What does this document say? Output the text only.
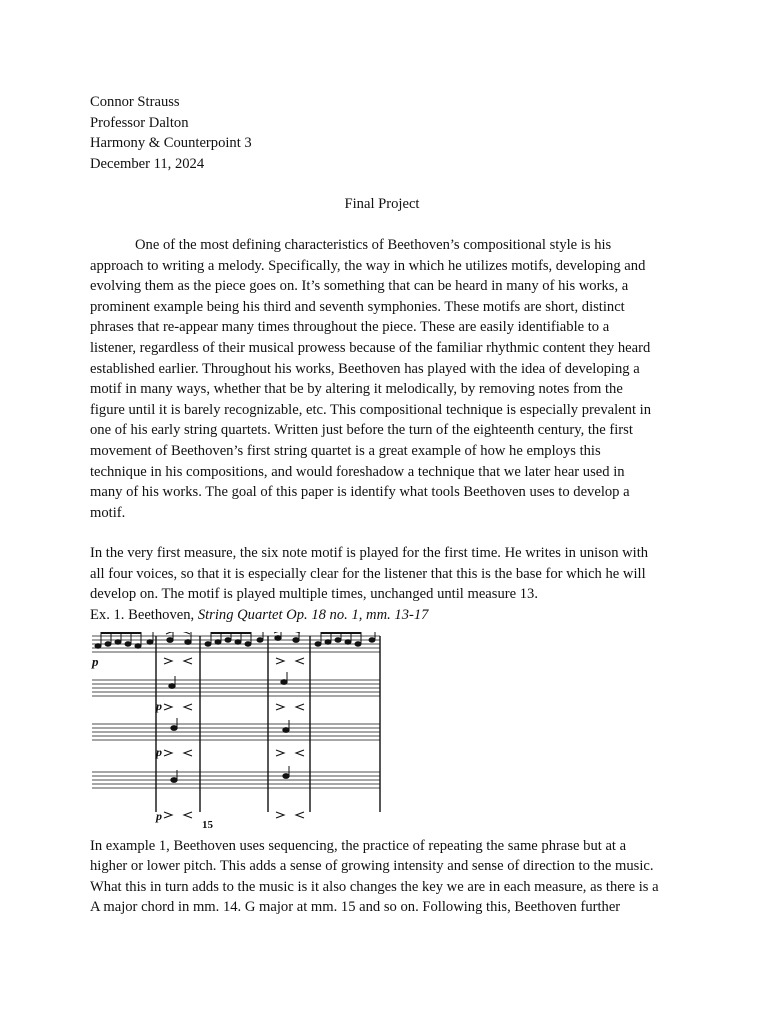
Connor Strauss
Professor Dalton
Harmony & Counterpoint 3
December 11, 2024
Final Project
One of the most defining characteristics of Beethoven’s compositional style is his
approach to writing a melody. Specifically, the way in which he utilizes motifs, developing and
evolving them as the piece goes on. It’s something that can be heard in many of his works, a
prominent example being his third and seventh symphonies. These motifs are short, distinct
phrases that re-appear many times throughout the piece. These are easily identifiable to a
listener, regardless of their musical prowess because of the familiar rhythmic content they heard
established earlier. Throughout his works, Beethoven has played with the idea of developing a
motif in many ways, whether that be by altering it melodically, by removing notes from the
figure until it is barely recognizable, etc. This compositional technique is especially prevalent in
one of his early string quartets. Written just before the turn of the eighteenth century, the first
movement of Beethoven’s first string quartet is a great example of how he employs this
technique in his compositions, and would foreshadow a technique that we later hear used in
many of his works. The goal of this paper is identify what tools Beethoven uses to develop a
motif.
In the very first measure, the six note motif is played for the first time. He writes in unison with
all four voices, so that it is especially clear for the listener that this is the base for which he will
develop on. The motif is played multiple times, unchanged until measure 13.
Ex. 1. Beethoven, String Quartet Op. 18 no. 1, mm. 13-17
p
p
p
p
15
In example 1, Beethoven uses sequencing, the practice of repeating the same phrase but at a
higher or lower pitch. This adds a sense of growing intensity and sense of direction to the music.
What this in turn adds to the music is it also changes the key we are in each measure, as there is a
A major chord in mm. 14. G major at mm. 15 and so on. Following this, Beethoven further
